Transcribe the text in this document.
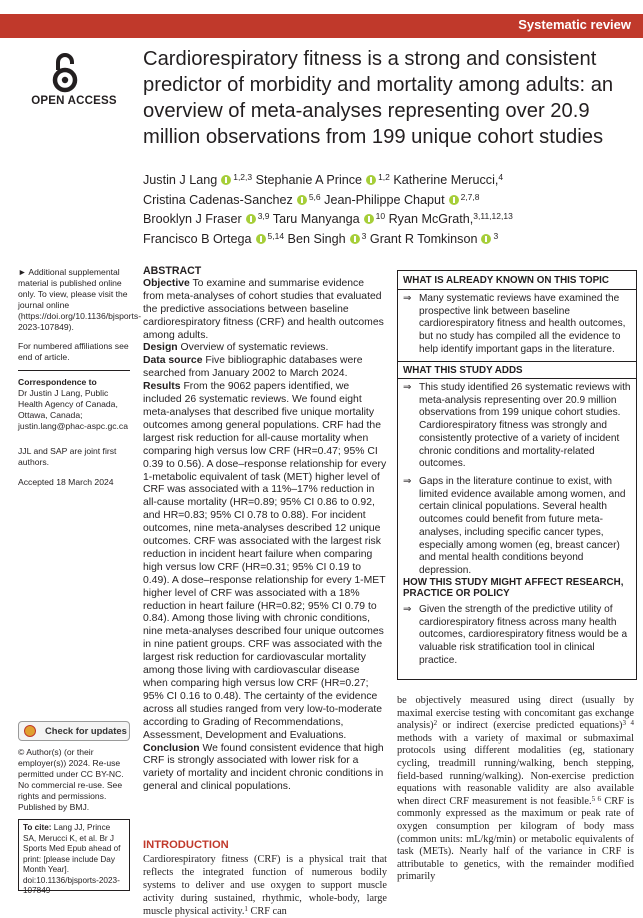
Systematic review
OPEN ACCESS
Cardiorespiratory fitness is a strong and consistent
predictor of morbidity and mortality among adults: an
overview of meta-analyses representing over 20.9
million observations from 199 unique cohort studies
Justin J Lang $^{1,2,3}$ Stephanie A Prince $^{1,2}$ Katherine Merucci,$^4$
Cristina Cadenas-Sanchez $^{5,6}$ Jean-Philippe Chaput $^{2,7,8}$
Brooklyn J Fraser $^{3,9}$ Taru Manyanga $^{10}$ Ryan McGrath,$^{3,11,12,13}$
Francisco B Ortega $^{5,14}$ Ben Singh $^3$ Grant R Tomkinson $^3$
► Additional supplemental material is published online only. To view, please visit the journal online (https://doi.org/10.1136/bjsports-2023-107849).
For numbered affiliations see end of article.
Correspondence to
Dr Justin J Lang, Public Health Agency of Canada, Ottawa, Canada; justin.lang@phac-aspc.gc.ca
JJL and SAP are joint first authors.
Accepted 18 March 2024
Check for updates
© Author(s) (or their employer(s)) 2024. Re-use permitted under CC BY-NC. No commercial re-use. See rights and permissions. Published by BMJ.
To cite: Lang JJ, Prince SA, Merucci K, et al. Br J Sports Med Epub ahead of print: [please include Day Month Year]. doi:10.1136/bjsports-2023-107849
ABSTRACT

Objective To examine and summarise evidence from meta-analyses of cohort studies that evaluated the predictive associations between baseline cardiorespiratory fitness (CRF) and health outcomes among adults.

Design Overview of systematic reviews.

Data source Five bibliographic databases were searched from January 2002 to March 2024.

Results From the 9062 papers identified, we included 26 systematic reviews. We found eight meta-analyses that described five unique mortality outcomes among general populations. CRF had the largest risk reduction for all-cause mortality when comparing high versus low CRF (HR=0.47; 95% CI 0.39 to 0.56). A dose–response relationship for every 1-metabolic equivalent of task (MET) higher level of CRF was associated with a 11%–17% reduction in all-cause mortality (HR=0.89; 95% CI 0.86 to 0.92, and HR=0.83; 95% CI 0.78 to 0.88). For incident outcomes, nine meta-analyses described 12 unique outcomes. CRF was associated with the largest risk reduction in incident heart failure when comparing high versus low CRF (HR=0.31; 95% CI 0.19 to 0.49). A dose–response relationship for every 1-MET higher level of CRF was associated with a 18% reduction in heart failure (HR=0.82; 95% CI 0.79 to 0.84). Among those living with chronic conditions, nine meta-analyses described four unique outcomes in nine patient groups. CRF was associated with the largest risk reduction for cardiovascular mortality among those living with cardiovascular disease when comparing high versus low CRF (HR=0.27; 95% CI 0.16 to 0.48). The certainty of the evidence across all studies ranged from very low-to-moderate according to Grading of Recommendations, Assessment, Development and Evaluations.

Conclusion We found consistent evidence that high CRF is strongly associated with lower risk for a variety of mortality and incident chronic conditions in general and clinical populations.

INTRODUCTION
Cardiorespiratory fitness (CRF) is a physical trait that reflects the integrated function of numerous bodily systems to deliver and use oxygen to support muscle activity during sustained, rhythmic, whole-body, large muscle physical activity.$^1$ CRF can
WHAT IS ALREADY KNOWN ON THIS TOPIC
⇒ Many systematic reviews have examined the prospective link between baseline cardiorespiratory fitness and health outcomes, but no study has compiled all the evidence to help identify important gaps in the literature.
WHAT THIS STUDY ADDS
⇒ This study identified 26 systematic reviews with meta-analysis representing over 20.9 million observations from 199 unique cohort studies. Cardiorespiratory fitness was strongly and consistently protective of a variety of incident chronic conditions and mortality-related outcomes.
⇒ Gaps in the literature continue to exist, with limited evidence available among women, and certain clinical populations. Several health outcomes could benefit from future meta-analyses, including specific cancer types, especially among women (eg, breast cancer) and mental health conditions beyond depression.
HOW THIS STUDY MIGHT AFFECT RESEARCH, PRACTICE OR POLICY
⇒ Given the strength of the predictive utility of cardiorespiratory fitness across many health outcomes, cardiorespiratory fitness would be a valuable risk stratification tool in clinical practice.
be objectively measured using direct (usually by maximal exercise testing with concomitant gas exchange analysis)$^2$ or indirect (exercise predicted equations)$^{3 4}$ methods with a variety of maximal or submaximal protocols using different modalities (eg, stationary cycling, treadmill running/walking, bench stepping, field-based running/walking). Non-exercise prediction equations with reasonable validity are also available when direct CRF measurement is not feasible.$^{5 6}$ CRF is commonly expressed as the maximum or peak rate of oxygen consumption per kilogram of body mass (common units: mL/kg/min) or metabolic equivalents of task (METs). Nearly half of the variance in CRF is attributable to genetics, with the remainder modified primarily
